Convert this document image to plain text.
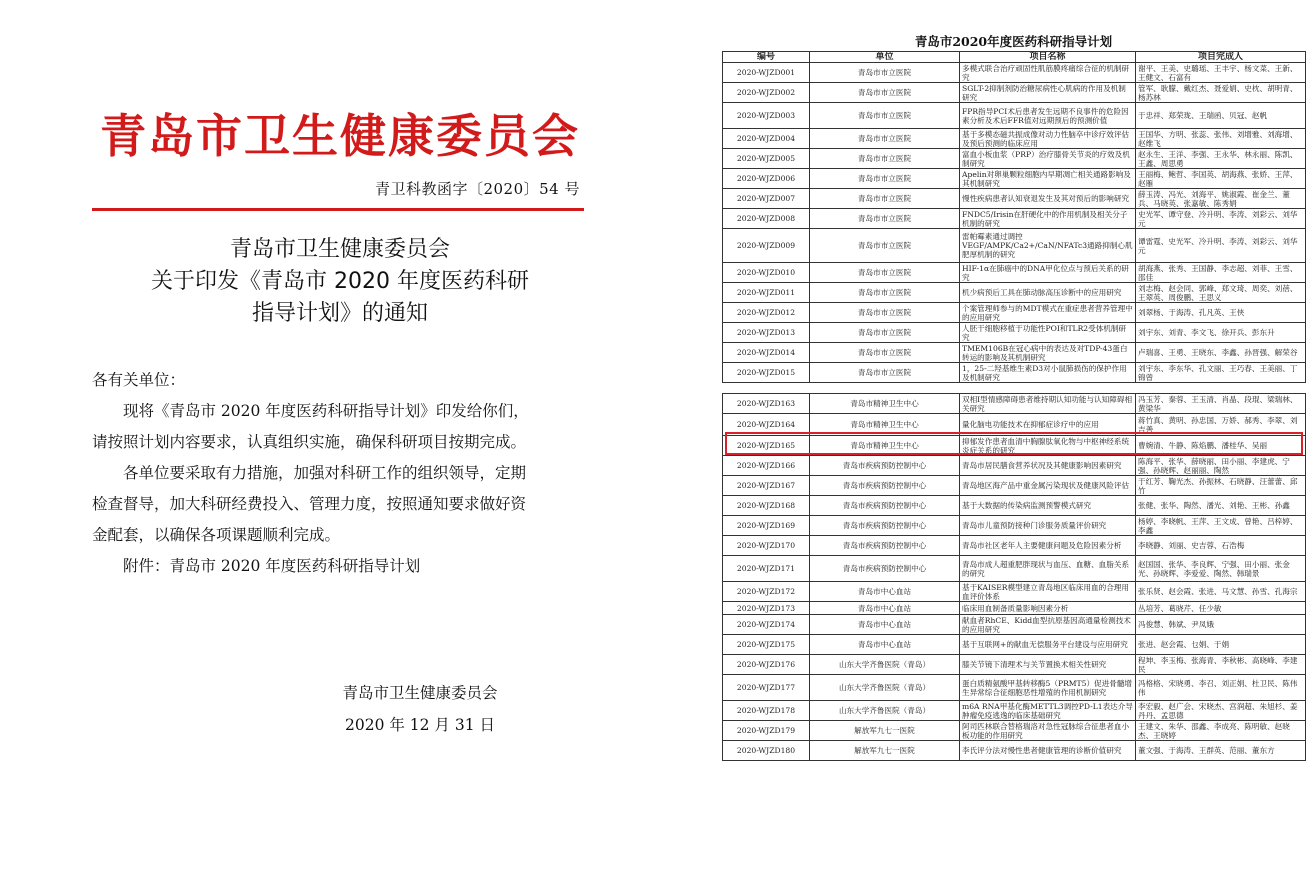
青岛市卫生健康委员会
青卫科教函字〔2020〕54 号
青岛市卫生健康委员会
关于印发《青岛市 2020 年度医药科研
指导计划》的通知

各有关单位：

现将《青岛市 2020 年度医药科研指导计划》印发给你们，

请按照计划内容要求，认真组织实施，确保科研项目按期完成。

各单位要采取有力措施，加强对科研工作的组织领导，定期

检查督导，加大科研经费投入、管理力度，按照通知要求做好资

金配套，以确保各项课题顺利完成。

附件：青岛市 2020 年度医药科研指导计划

青岛市卫生健康委员会
2020 年 12 月 31 日
青岛市2020年度医药科研指导计划
编号	单位	项目名称	项目完成人

2020-WJZD001	青岛市市立医院	多模式联合治疗顽固性肌筋膜疼痛综合征的机制研究	谢平、王美、史璐瑶、王丰宇、杨文菜、王新、王健文、石富有

2020-WJZD002	青岛市市立医院	SGLT-2抑制剂防治糖尿病性心肌病的作用及机制研究	管军、耿朦、戴红杰、聂爱娟、史枕、胡明青、杨苏林

2020-WJZD003	青岛市市立医院	FPR指导PCI术后患者发生远期不良事件的危险因素分析及术后FFR值对远期预后的预测价值	于忠祥、郑荣珑、王瑞函、贝冠、赵帆

2020-WJZD004	青岛市市立医院	基于多模态磁共振成像对动力性脑卒中诊疗效评估及预后预测的临床应用	王国华、方明、张蕊、张伟、刘增雅、刘海增、赵维飞

2020-WJZD005	青岛市市立医院	富血小板血浆（PRP）治疗膝骨关节炎的疗效及机制研究	赵永生、王洋、李强、王永华、林永丽、陈凯、王鑫、周思勇

2020-WJZD006	青岛市市立医院	Apelin对卵巢颗粒细胞内早期凋亡相关通路影响及其机制研究	王丽梅、鲍哲、李国英、胡海燕、张娇、王萍、赵雁

2020-WJZD007	青岛市市立医院	慢性疾病患者认知衰退发生及其对预后的影响研究	薛玉涛、冯光、刘海平、姚淑霞、崔金兰、董兵、马晓英、张嘉敏、陈秀娟

2020-WJZD008	青岛市市立医院	FNDC5/Irisin在肝硬化中的作用机制及相关分子机制的研究	史光军、谭守登、冷升明、李涛、刘彩云、刘华元

2020-WJZD009	青岛市市立医院	雷帕霉素通过调控VEGF/AMPK/Ca2+/CaN/NFATc3通路抑制心肌肥厚机制的研究	谭雷霆、史光军、冷升明、李涛、刘彩云、刘华元

2020-WJZD010	青岛市市立医院	HIF-1α在肺癌中的DNA甲化位点与预后关系的研究	胡海燕、张秀、王国静、李志超、刘菲、王雪、邵佳

2020-WJZD011	青岛市市立医院	机少病预后工具在肺动脉高压诊断中的应用研究	刘志梅、赵会同、郭峰、郑文琦、周奕、刘蓓、王翠英、周俊鹏、王思义

2020-WJZD012	青岛市市立医院	个案管理师参与的MDT模式在重症患者营养管理中的应用研究	刘翠杨、于海涛、孔凡英、王侠

2020-WJZD013	青岛市市立医院	人胚干细胞移植于功能性POI和TLR2受体机制研究	刘宇东、刘青、李文飞、徐开兵、彭东升

2020-WJZD014	青岛市市立医院	TMEM106B在冠心病中的表达及对TDP-43蛋白转运的影响及其机制研究	卢瑞喜、王勇、王晓东、李鑫、孙晋强、解荣谷

2020-WJZD015	青岛市市立医院	1，25-二羟基维生素D3对小鼠肺损伤的保护作用及机制研究	刘宇东、李东华、孔文丽、王巧春、王美丽、丁锦曾

2020-WJZD163	青岛市精神卫生中心	双相Ⅰ型情感障碍患者维持期认知功能与认知障碍相关研究	冯玉芳、秦蓉、王玉清、肖晶、段琨、梁瑞林、黄梁华

2020-WJZD164	青岛市精神卫生中心	量化脑电功能技术在抑郁症诊疗中的应用	蒋竹真、黄明、孙忠国、万娇、郝秀、李翠、刘吉善

2020-WJZD165	青岛市精神卫生中心	抑郁发作患者血清中胸腺肽氧化物与中枢神经系统炎症关系的研究	曹婉清、牛静、陈焰鹏、潘桂华、吴丽

2020-WJZD166	青岛市疾病预防控制中心	青岛市居民膳食营养状况及其健康影响因素研究	陈海平、张华、薛晓丽、田小丽、李建虎、宁强、孙晓辉、赵丽丽、陶然

2020-WJZD167	青岛市疾病预防控制中心	青岛地区海产品中重金属污染现状及健康风险评估	于红芳、鞠光杰、孙振林、石晓静、汪蕾蕾、邱竹

2020-WJZD168	青岛市疾病预防控制中心	基于大数据的传染病监测预警模式研究	张健、张华、陶然、潘光、刘艳、王彬、孙鑫

2020-WJZD169	青岛市疾病预防控制中心	青岛市儿童预防接种门诊服务质量评价研究	杨婷、李晓帆、王萍、王文成、曾艳、吕梓婷、李鑫

2020-WJZD170	青岛市疾病预防控制中心	青岛市社区老年人主要健康问题及危险因素分析	李晓静、刘丽、史吉蓉、石浩梅

2020-WJZD171	青岛市疾病预防控制中心	青岛市成人超重肥胖现状与血压、血糖、血脂关系的研究	赵国国、张华、李良辉、宁强、田小丽、张金光、孙晓辉、李爱爱、陶然、韩瑞景

2020-WJZD172	青岛市中心血站	基于KAISER模型建立青岛地区临床用血的合理用血评价体系	张乐贤、赵会霞、张进、马文慧、孙雪、孔海宗

2020-WJZD173	青岛市中心血站	临床用血制备质量影响因素分析	丛培芳、葛晓芹、任少敏

2020-WJZD174	青岛市中心血站	献血者RhCE、Kidd血型抗原基因高通量检测技术的应用研究	冯俊慧、韩斌、尹凤娥

2020-WJZD175	青岛市中心血站	基于互联网+的献血无偿服务平台建设与应用研究	张进、赵会霞、乜娟、于娟

2020-WJZD176	山东大学齐鲁医院（青岛）	膝关节镜下清理术与关节置换术相关性研究	程坤、李玉梅、张海青、李秋彬、高晓峰、李建民

2020-WJZD177	山东大学齐鲁医院（青岛）	蛋白质精氨酸甲基转移酶5（PRMT5）促进骨髓增生异常综合征细胞恶性增殖的作用机制研究	冯格格、宋晓勇、李召、刘正娟、杜卫民、陈伟伟

2020-WJZD178	山东大学齐鲁医院（青岛）	m6A RNA甲基化酶METTL3调控PD-L1表达介导肿瘤免疫逃逸的临床基础研究	李宏毅、赵广会、宋晓杰、宫润超、朱旭杉、姜丹丹、孟思德

2020-WJZD179	解放军九七一医院	阿司匹林联合替格瑞洛对急性冠脉综合征患者血小板功能的作用研究	王建文、朱华、邵鑫、李成亮、陈明敏、赵晓杰、王晓婷

2020-WJZD180	解放军九七一医院	李氏评分法对慢性患者健康管理的诊断价值研究	董文强、于海涛、王群英、范丽、董东方
